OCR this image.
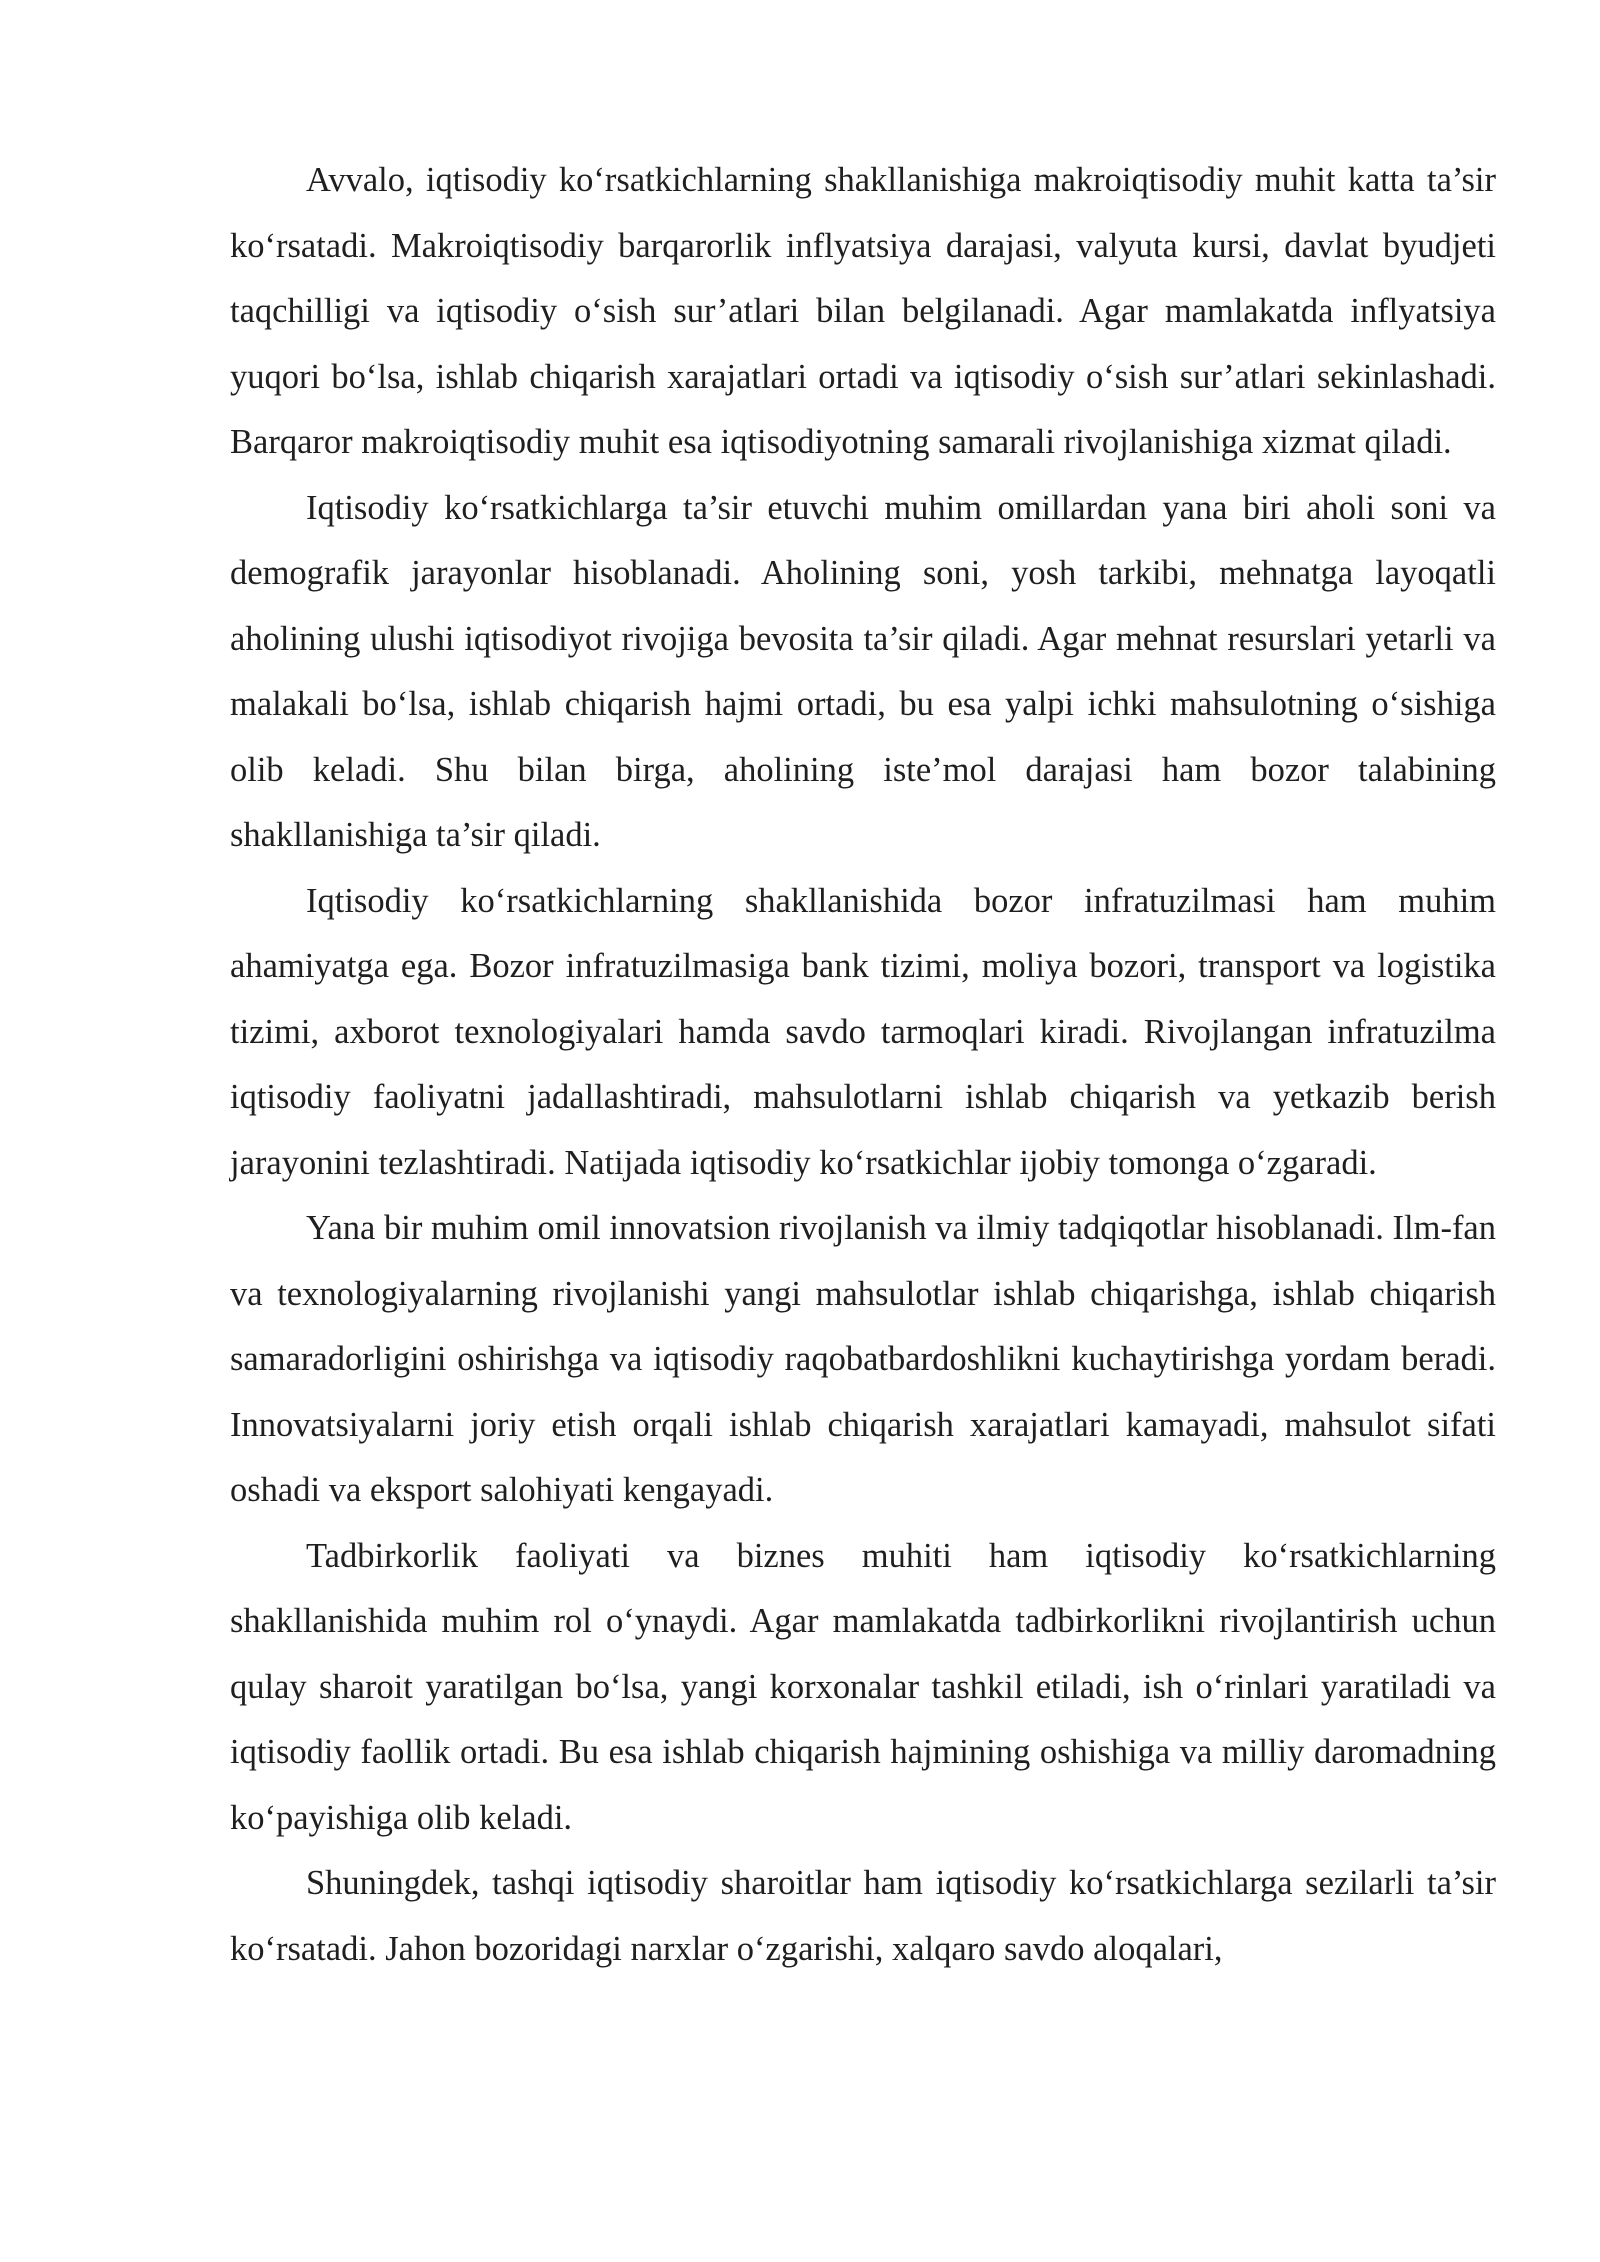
Avvalo, iqtisodiy koʻrsatkichlarning shakllanishiga makroiqtisodiy muhit katta ta’sir koʻrsatadi. Makroiqtisodiy barqarorlik inflyatsiya darajasi, valyuta kursi, davlat byudjeti taqchilligi va iqtisodiy oʻsish sur’atlari bilan belgilanadi. Agar mamlakatda inflyatsiya yuqori boʻlsa, ishlab chiqarish xarajatlari ortadi va iqtisodiy oʻsish sur’atlari sekinlashadi. Barqaror makroiqtisodiy muhit esa iqtisodiyotning samarali rivojlanishiga xizmat qiladi.

Iqtisodiy koʻrsatkichlarga ta’sir etuvchi muhim omillardan yana biri aholi soni va demografik jarayonlar hisoblanadi. Aholining soni, yosh tarkibi, mehnatga layoqatli aholining ulushi iqtisodiyot rivojiga bevosita ta’sir qiladi. Agar mehnat resurslari yetarli va malakali boʻlsa, ishlab chiqarish hajmi ortadi, bu esa yalpi ichki mahsulotning oʻsishiga olib keladi. Shu bilan birga, aholining iste’mol darajasi ham bozor talabining shakllanishiga ta’sir qiladi.

Iqtisodiy koʻrsatkichlarning shakllanishida bozor infratuzilmasi ham muhim ahamiyatga ega. Bozor infratuzilmasiga bank tizimi, moliya bozori, transport va logistika tizimi, axborot texnologiyalari hamda savdo tarmoqlari kiradi. Rivojlangan infratuzilma iqtisodiy faoliyatni jadallashtiradi, mahsulotlarni ishlab chiqarish va yetkazib berish jarayonini tezlashtiradi. Natijada iqtisodiy koʻrsatkichlar ijobiy tomonga oʻzgaradi.

Yana bir muhim omil innovatsion rivojlanish va ilmiy tadqiqotlar hisoblanadi. Ilm-fan va texnologiyalarning rivojlanishi yangi mahsulotlar ishlab chiqarishga, ishlab chiqarish samaradorligini oshirishga va iqtisodiy raqobatbardoshlikni kuchaytirishga yordam beradi. Innovatsiyalarni joriy etish orqali ishlab chiqarish xarajatlari kamayadi, mahsulot sifati oshadi va eksport salohiyati kengayadi.

Tadbirkorlik faoliyati va biznes muhiti ham iqtisodiy koʻrsatkichlarning shakllanishida muhim rol oʻynaydi. Agar mamlakatda tadbirkorlikni rivojlantirish uchun qulay sharoit yaratilgan boʻlsa, yangi korxonalar tashkil etiladi, ish oʻrinlari yaratiladi va iqtisodiy faollik ortadi. Bu esa ishlab chiqarish hajmining oshishiga va milliy daromadning koʻpayishiga olib keladi.

Shuningdek, tashqi iqtisodiy sharoitlar ham iqtisodiy koʻrsatkichlarga sezilarli ta’sir koʻrsatadi. Jahon bozoridagi narxlar oʻzgarishi, xalqaro savdo aloqalari,
